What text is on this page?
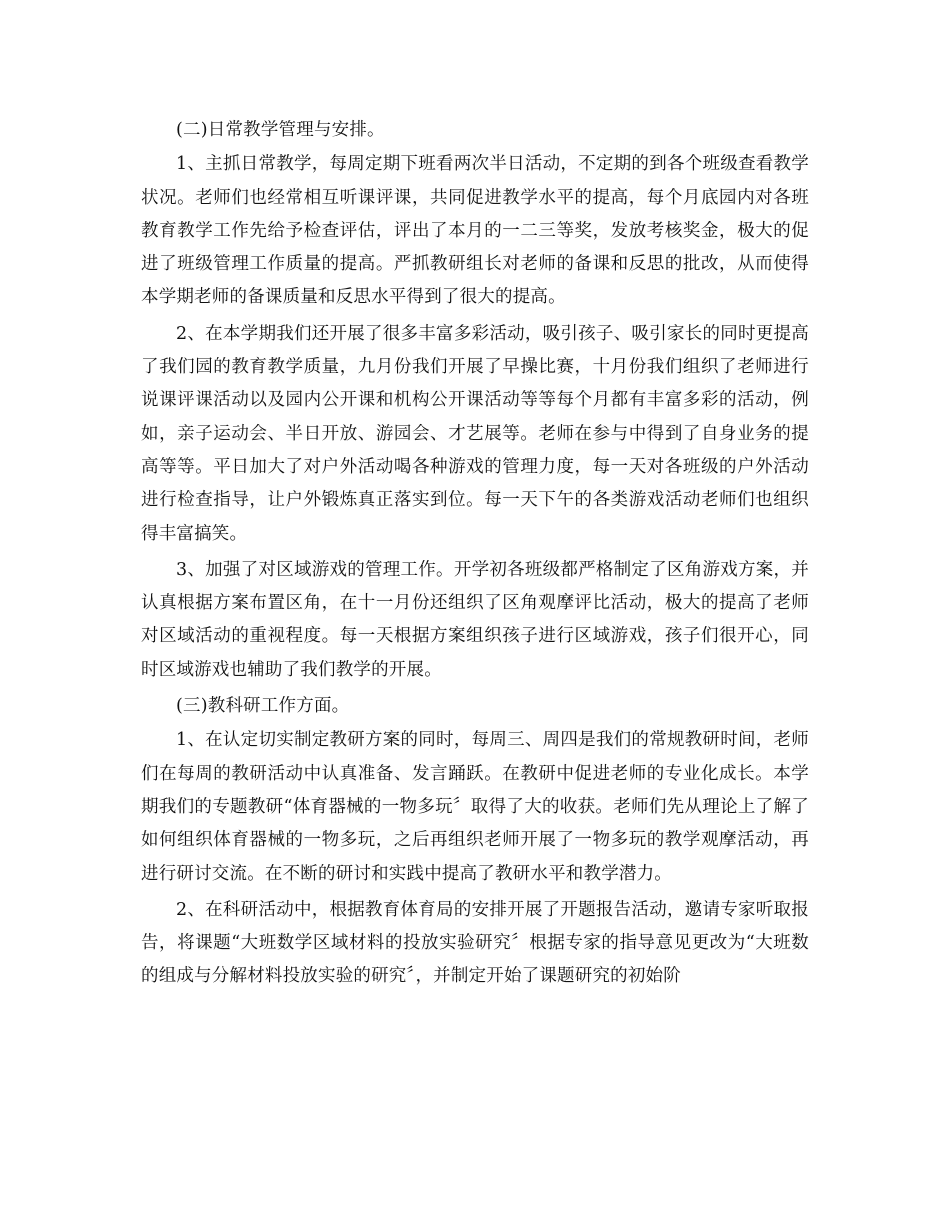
(二)日常教学管理与安排。

1、主抓日常教学，每周定期下班看两次半日活动，不定期的到各个班级查看教学状况。老师们也经常相互听课评课，共同促进教学水平的提高，每个月底园内对各班教育教学工作先给予检查评估，评出了本月的一二三等奖，发放考核奖金，极大的促进了班级管理工作质量的提高。严抓教研组长对老师的备课和反思的批改，从而使得本学期老师的备课质量和反思水平得到了很大的提高。

2、在本学期我们还开展了很多丰富多彩活动，吸引孩子、吸引家长的同时更提高了我们园的教育教学质量，九月份我们开展了早操比赛，十月份我们组织了老师进行说课评课活动以及园内公开课和机构公开课活动等等每个月都有丰富多彩的活动，例如，亲子运动会、半日开放、游园会、才艺展等。老师在参与中得到了自身业务的提高等等。平日加大了对户外活动喝各种游戏的管理力度，每一天对各班级的户外活动进行检查指导，让户外锻炼真正落实到位。每一天下午的各类游戏活动老师们也组织得丰富搞笑。

3、加强了对区域游戏的管理工作。开学初各班级都严格制定了区角游戏方案，并认真根据方案布置区角，在十一月份还组织了区角观摩评比活动，极大的提高了老师对区域活动的重视程度。每一天根据方案组织孩子进行区域游戏，孩子们很开心，同时区域游戏也辅助了我们教学的开展。

(三)教科研工作方面。

1、在认定切实制定教研方案的同时，每周三、周四是我们的常规教研时间，老师们在每周的教研活动中认真准备、发言踊跃。在教研中促进老师的专业化成长。本学期我们的专题教研“体育器械的一物多玩〞取得了大的收获。老师们先从理论上了解了如何组织体育器械的一物多玩，之后再组织老师开展了一物多玩的教学观摩活动，再进行研讨交流。在不断的研讨和实践中提高了教研水平和教学潜力。

2、在科研活动中，根据教育体育局的安排开展了开题报告活动，邀请专家听取报告，将课题“大班数学区域材料的投放实验研究〞根据专家的指导意见更改为“大班数的组成与分解材料投放实验的研究〞，并制定开始了课题研究的初始阶
